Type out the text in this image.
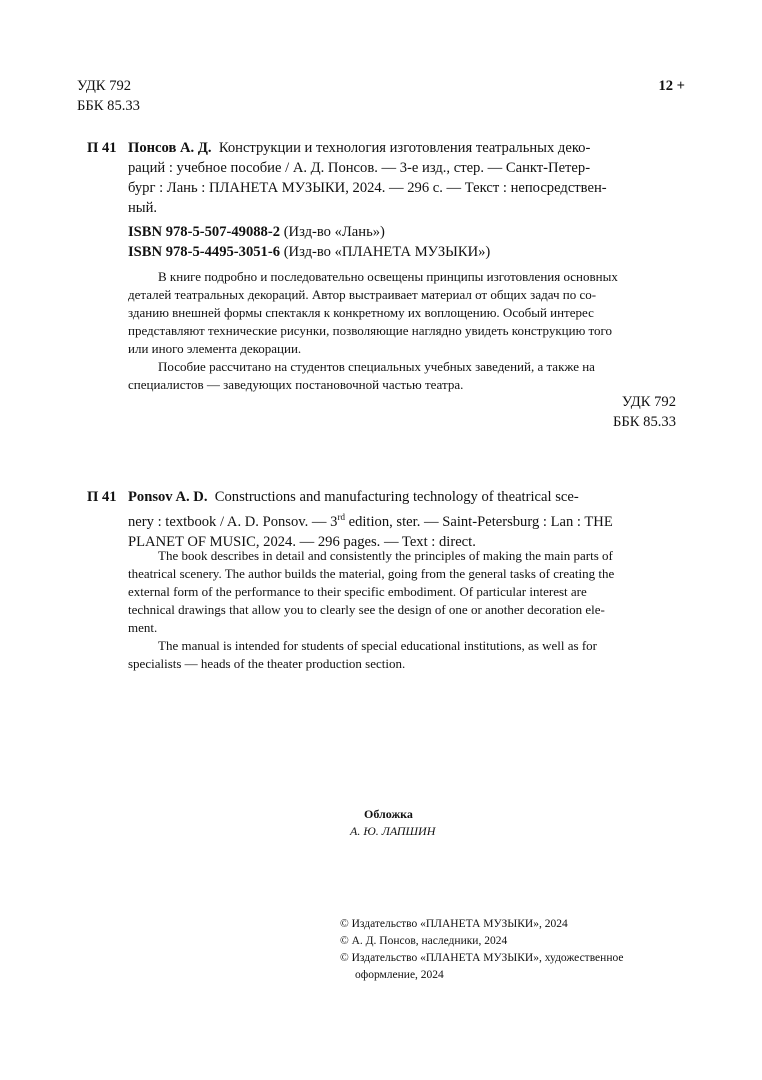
УДК 792
ББК 85.33
12 +
П 41 Понсов А. Д. Конструкции и технология изготовления театральных деко-
раций : учебное пособие / А. Д. Понсов. — 3-е изд., стер. — Санкт-Петер-
бург : Лань : ПЛАНЕТА МУЗЫКИ, 2024. — 296 с. — Текст : непосредствен-
ный.
ISBN 978-5-507-49088-2 (Изд-во «Лань»)
ISBN 978-5-4495-3051-6 (Изд-во «ПЛАНЕТА МУЗЫКИ»)
В книге подробно и последовательно освещены принципы изготовления основных
деталей театральных декораций. Автор выстраивает материал от общих задач по со-
зданию внешней формы спектакля к конкретному их воплощению. Особый интерес
представляют технические рисунки, позволяющие наглядно увидеть конструкцию того
или иного элемента декорации.
Пособие рассчитано на студентов специальных учебных заведений, а также на
специалистов — заведующих постановочной частью театра.
УДК 792
ББК 85.33
П 41 Ponsov A. D. Constructions and manufacturing technology of theatrical sce-
nery : textbook / A. D. Ponsov. — 3rd edition, ster. — Saint-Petersburg : Lan : THE
PLANET OF MUSIC, 2024. — 296 pages. — Text : direct.
The book describes in detail and consistently the principles of making the main parts of
theatrical scenery. The author builds the material, going from the general tasks of creating the
external form of the performance to their specific embodiment. Of particular interest are
technical drawings that allow you to clearly see the design of one or another decoration ele-
ment.
The manual is intended for students of special educational institutions, as well as for
specialists — heads of the theater production section.
Обложка
А. Ю. ЛАПШИН
© Издательство «ПЛАНЕТА МУЗЫКИ», 2024
© А. Д. Понсов, наследники, 2024
© Издательство «ПЛАНЕТА МУЗЫКИ», художественное
оформление, 2024
